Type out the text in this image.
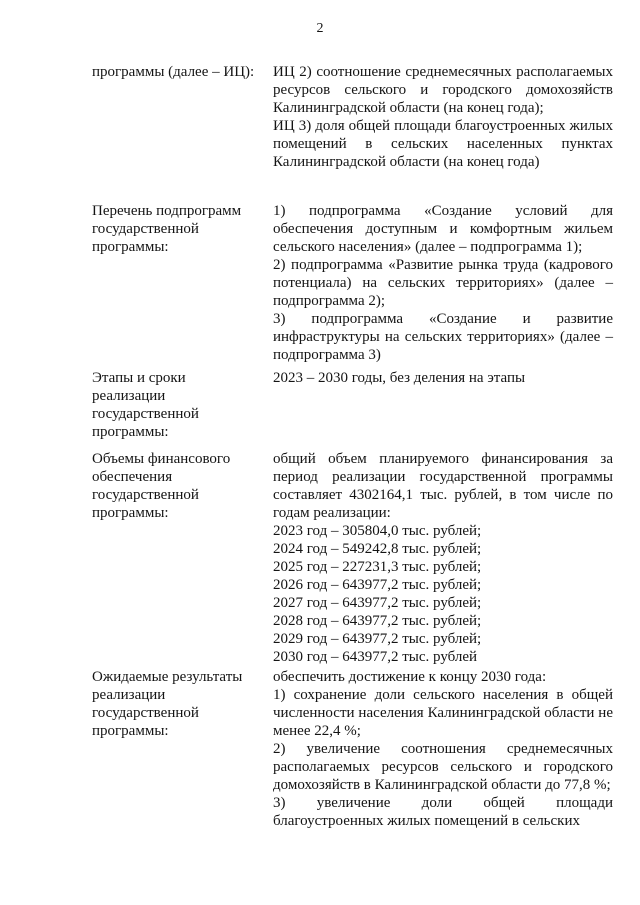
2
программы (далее – ИЦ):	ИЦ 2) соотношение среднемесячных располагаемых ресурсов сельского и городского домохозяйств Калининградской области (на конец года);

ИЦ 3) доля общей площади благоустроенных жилых помещений в сельских населенных пунктах Калининградской области (на конец года)

Перечень подпрограмм
государственной
программы:

1) подпрограмма «Создание условий для обеспечения доступным и комфортным жильем сельского населения» (далее – подпрограмма 1);

2) подпрограмма «Развитие рынка труда (кадрового потенциала) на сельских территориях» (далее – подпрограмма 2);

3) подпрограмма «Создание и развитие инфраструктуры на сельских территориях» (далее – подпрограмма 3)

Этапы и сроки
реализации
государственной
программы:

2023 – 2030 годы, без деления на этапы

Объемы финансового
обеспечения
государственной
программы:

общий объем планируемого финансирования за период реализации государственной программы составляет 4302164,1 тыс. рублей, в том числе по годам реализации:

2023 год – 305804,0 тыс. рублей;

2024 год – 549242,8 тыс. рублей;

2025 год – 227231,3 тыс. рублей;

2026 год – 643977,2 тыс. рублей;

2027 год – 643977,2 тыс. рублей;

2028 год – 643977,2 тыс. рублей;

2029 год – 643977,2 тыс. рублей;

2030 год – 643977,2 тыс. рублей

Ожидаемые результаты
реализации
государственной
программы:

обеспечить достижение к концу 2030 года:

1) сохранение доли сельского населения в общей численности населения Калининградской области не менее 22,4 %;

2) увеличение соотношения среднемесячных располагаемых ресурсов сельского и городского домохозяйств в Калининградской области до 77,8 %;

3) увеличение доли общей площади благоустроенных жилых помещений в сельских
